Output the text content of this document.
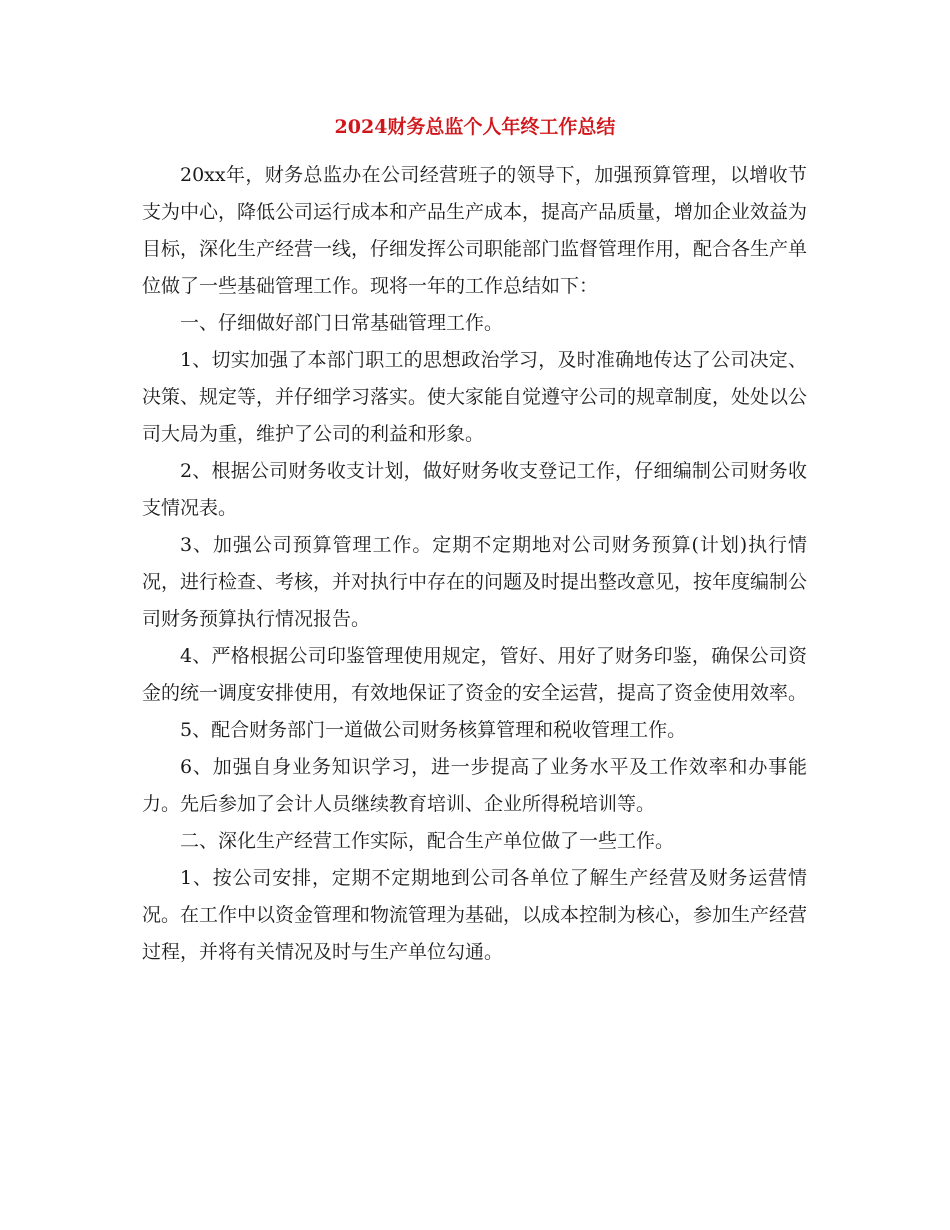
2024财务总监个人年终工作总结

20xx年，财务总监办在公司经营班子的领导下，加强预算管理，以增收节支为中心，降低公司运行成本和产品生产成本，提高产品质量，增加企业效益为目标，深化生产经营一线，仔细发挥公司职能部门监督管理作用，配合各生产单位做了一些基础管理工作。现将一年的工作总结如下：

一、仔细做好部门日常基础管理工作。

1、切实加强了本部门职工的思想政治学习，及时准确地传达了公司决定、决策、规定等，并仔细学习落实。使大家能自觉遵守公司的规章制度，处处以公司大局为重，维护了公司的利益和形象。

2、根据公司财务收支计划，做好财务收支登记工作，仔细编制公司财务收支情况表。

3、加强公司预算管理工作。定期不定期地对公司财务预算(计划)执行情况，进行检查、考核，并对执行中存在的问题及时提出整改意见，按年度编制公司财务预算执行情况报告。

4、严格根据公司印鉴管理使用规定，管好、用好了财务印鉴，确保公司资金的统一调度安排使用，有效地保证了资金的安全运营，提高了资金使用效率。

5、配合财务部门一道做公司财务核算管理和税收管理工作。

6、加强自身业务知识学习，进一步提高了业务水平及工作效率和办事能力。先后参加了会计人员继续教育培训、企业所得税培训等。

二、深化生产经营工作实际，配合生产单位做了一些工作。

1、按公司安排，定期不定期地到公司各单位了解生产经营及财务运营情况。在工作中以资金管理和物流管理为基础，以成本控制为核心，参加生产经营过程，并将有关情况及时与生产单位勾通。
